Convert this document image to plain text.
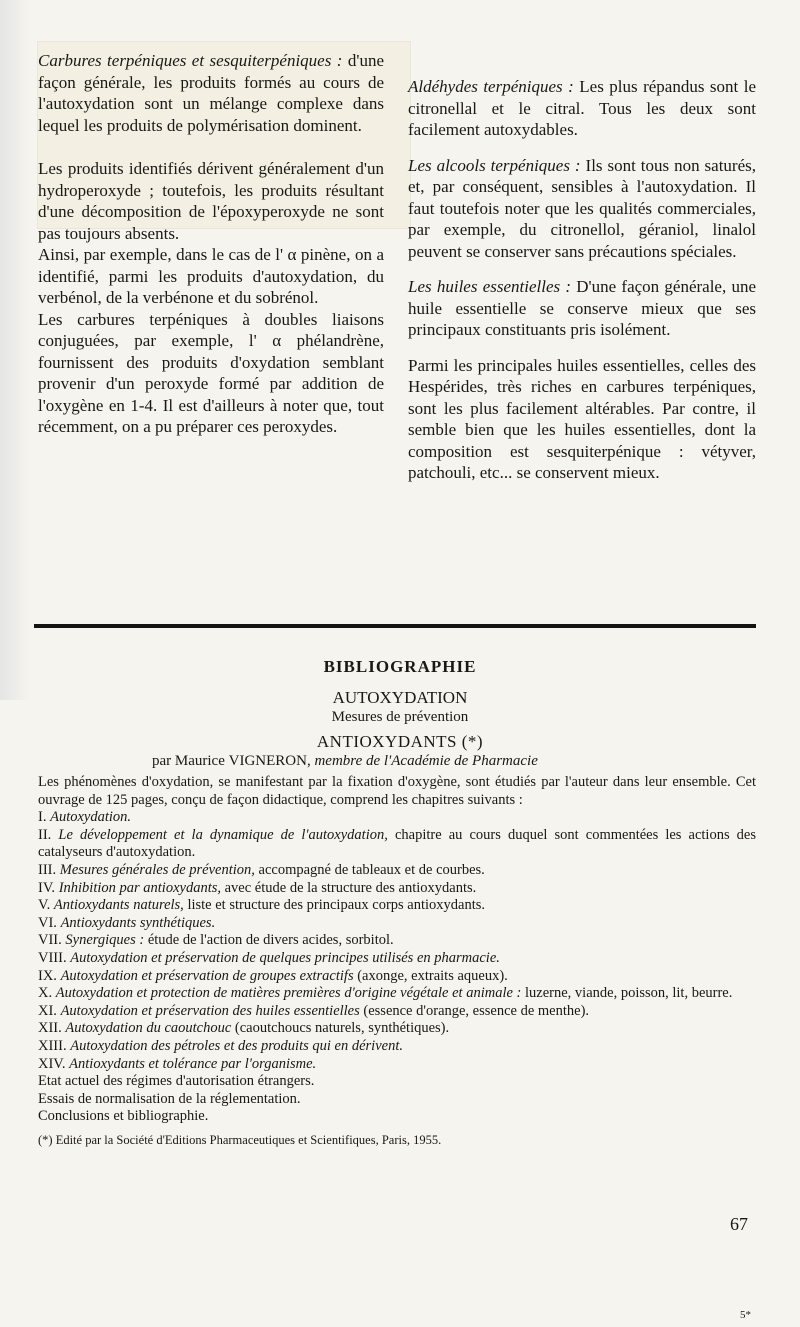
Carbures terpéniques et sesquiterpéniques : d'une façon générale, les produits formés au cours de l'autoxydation sont un mélange complexe dans lequel les produits de polymérisation dominent.

Les produits identifiés dérivent généralement d'un hydroperoxyde ; toutefois, les produits résultant d'une décomposition de l'époxyperoxyde ne sont pas toujours absents.

Ainsi, par exemple, dans le cas de l' α pinène, on a identifié, parmi les produits d'autoxydation, du verbénol, de la verbénone et du sobrénol.

Les carbures terpéniques à doubles liaisons conjuguées, par exemple, l' α phélandrène, fournissent des produits d'oxydation semblant provenir d'un peroxyde formé par addition de l'oxygène en 1-4. Il est d'ailleurs à noter que, tout récemment, on a pu préparer ces peroxydes.

Aldéhydes terpéniques : Les plus répandus sont le citronellal et le citral. Tous les deux sont facilement autoxydables.

Les alcools terpéniques : Ils sont tous non saturés, et, par conséquent, sensibles à l'autoxydation. Il faut toutefois noter que les qualités commerciales, par exemple, du citronellol, géraniol, linalol peuvent se conserver sans précautions spéciales.

Les huiles essentielles : D'une façon générale, une huile essentielle se conserve mieux que ses principaux constituants pris isolément.

Parmi les principales huiles essentielles, celles des Hespérides, très riches en carbures terpéniques, sont les plus facilement altérables. Par contre, il semble bien que les huiles essentielles, dont la composition est sesquiterpénique : vétyver, patchouli, etc... se conservent mieux.

BIBLIOGRAPHIE
AUTOXYDATION
Mesures de prévention
ANTIOXYDANTS (*)
par Maurice VIGNERON, membre de l'Académie de Pharmacie

Les phénomènes d'oxydation, se manifestant par la fixation d'oxygène, sont étudiés par l'auteur dans leur ensemble. Cet ouvrage de 125 pages, conçu de façon didactique, comprend les chapitres suivants :

I. Autoxydation.

II. Le développement et la dynamique de l'autoxydation, chapitre au cours duquel sont commentées les actions des catalyseurs d'autoxydation.

III. Mesures générales de prévention, accompagné de tableaux et de courbes.

IV. Inhibition par antioxydants, avec étude de la structure des antioxydants.

V. Antioxydants naturels, liste et structure des principaux corps antioxydants.

VI. Antioxydants synthétiques.

VII. Synergiques : étude de l'action de divers acides, sorbitol.

VIII. Autoxydation et préservation de quelques principes utilisés en pharmacie.

IX. Autoxydation et préservation de groupes extractifs (axonge, extraits aqueux).

X. Autoxydation et protection de matières premières d'origine végétale et animale : luzerne, viande, poisson, lit, beurre.

XI. Autoxydation et préservation des huiles essentielles (essence d'orange, essence de menthe).

XII. Autoxydation du caoutchouc (caoutchoucs naturels, synthétiques).

XIII. Autoxydation des pétroles et des produits qui en dérivent.

XIV. Antioxydants et tolérance par l'organisme.

Etat actuel des régimes d'autorisation étrangers.

Essais de normalisation de la réglementation.

Conclusions et bibliographie.

(*) Edité par la Société d'Editions Pharmaceutiques et Scientifiques, Paris, 1955.

67
5*
